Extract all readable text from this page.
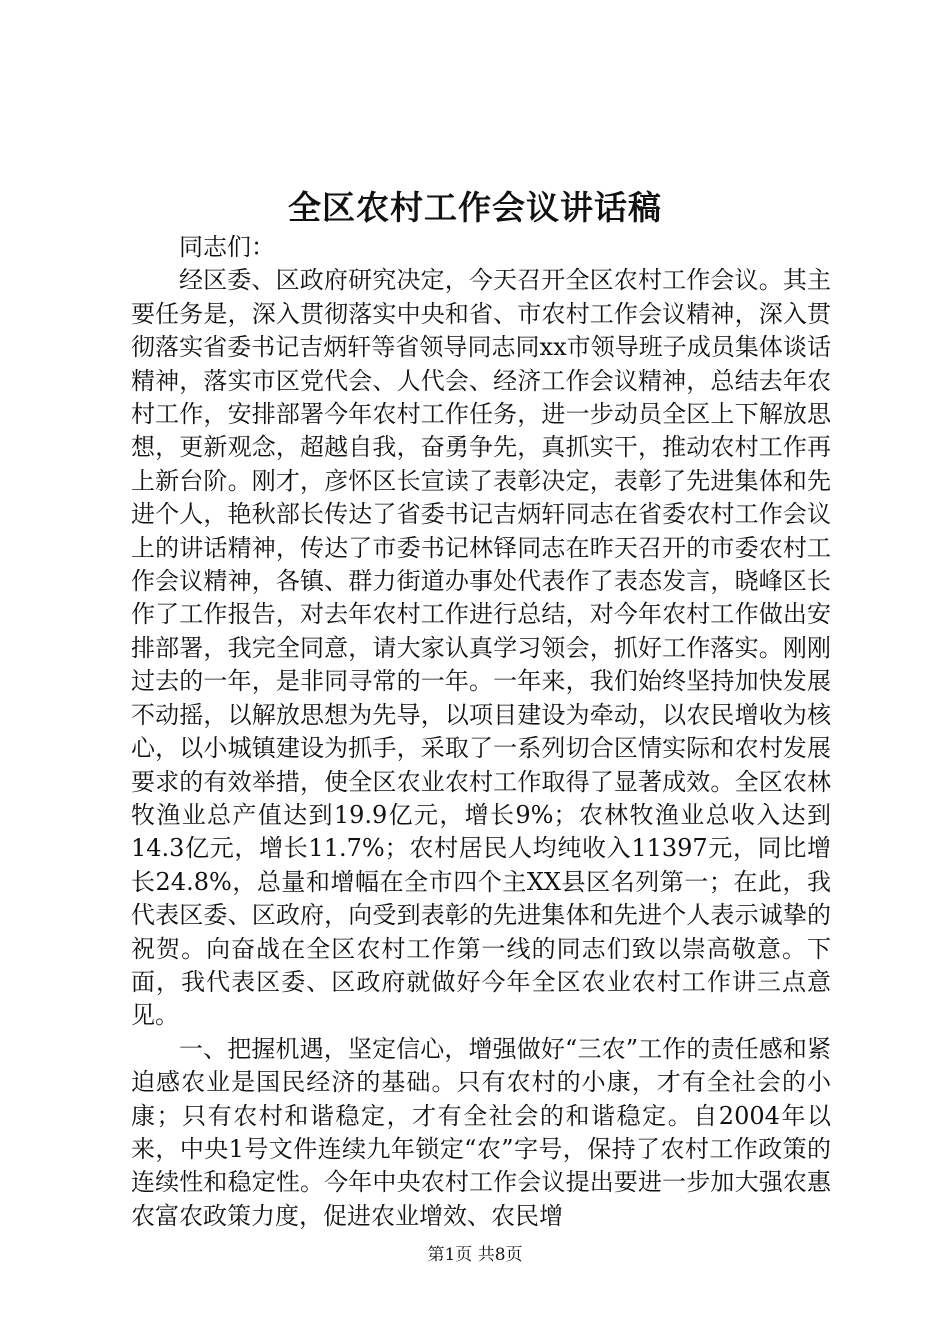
全区农村工作会议讲话稿

同志们：

经区委、区政府研究决定，今天召开全区农村工作会议。其主要任务是，深入贯彻落实中央和省、市农村工作会议精神，深入贯彻落实省委书记吉炳轩等省领导同志同xx市领导班子成员集体谈话精神，落实市区党代会、人代会、经济工作会议精神，总结去年农村工作，安排部署今年农村工作任务，进一步动员全区上下解放思想，更新观念，超越自我，奋勇争先，真抓实干，推动农村工作再上新台阶。刚才，彦怀区长宣读了表彰决定，表彰了先进集体和先进个人，艳秋部长传达了省委书记吉炳轩同志在省委农村工作会议上的讲话精神，传达了市委书记林铎同志在昨天召开的市委农村工作会议精神，各镇、群力街道办事处代表作了表态发言，晓峰区长作了工作报告，对去年农村工作进行总结，对今年农村工作做出安排部署，我完全同意，请大家认真学习领会，抓好工作落实。刚刚过去的一年，是非同寻常的一年。一年来，我们始终坚持加快发展不动摇，以解放思想为先导，以项目建设为牵动，以农民增收为核心，以小城镇建设为抓手，采取了一系列切合区情实际和农村发展要求的有效举措，使全区农业农村工作取得了显著成效。全区农林牧渔业总产值达到19.9亿元，增长9%；农林牧渔业总收入达到14.3亿元，增长11.7%；农村居民人均纯收入11397元，同比增长24.8%，总量和增幅在全市四个主XX县区名列第一；在此，我代表区委、区政府，向受到表彰的先进集体和先进个人表示诚挚的祝贺。向奋战在全区农村工作第一线的同志们致以崇高敬意。下面，我代表区委、区政府就做好今年全区农业农村工作讲三点意见。

一、把握机遇，坚定信心，增强做好“三农”工作的责任感和紧迫感农业是国民经济的基础。只有农村的小康，才有全社会的小康；只有农村和谐稳定，才有全社会的和谐稳定。自2004年以来，中央1号文件连续九年锁定“农”字号，保持了农村工作政策的连续性和稳定性。今年中央农村工作会议提出要进一步加大强农惠农富农政策力度，促进农业增效、农民增

第1页 共8页
